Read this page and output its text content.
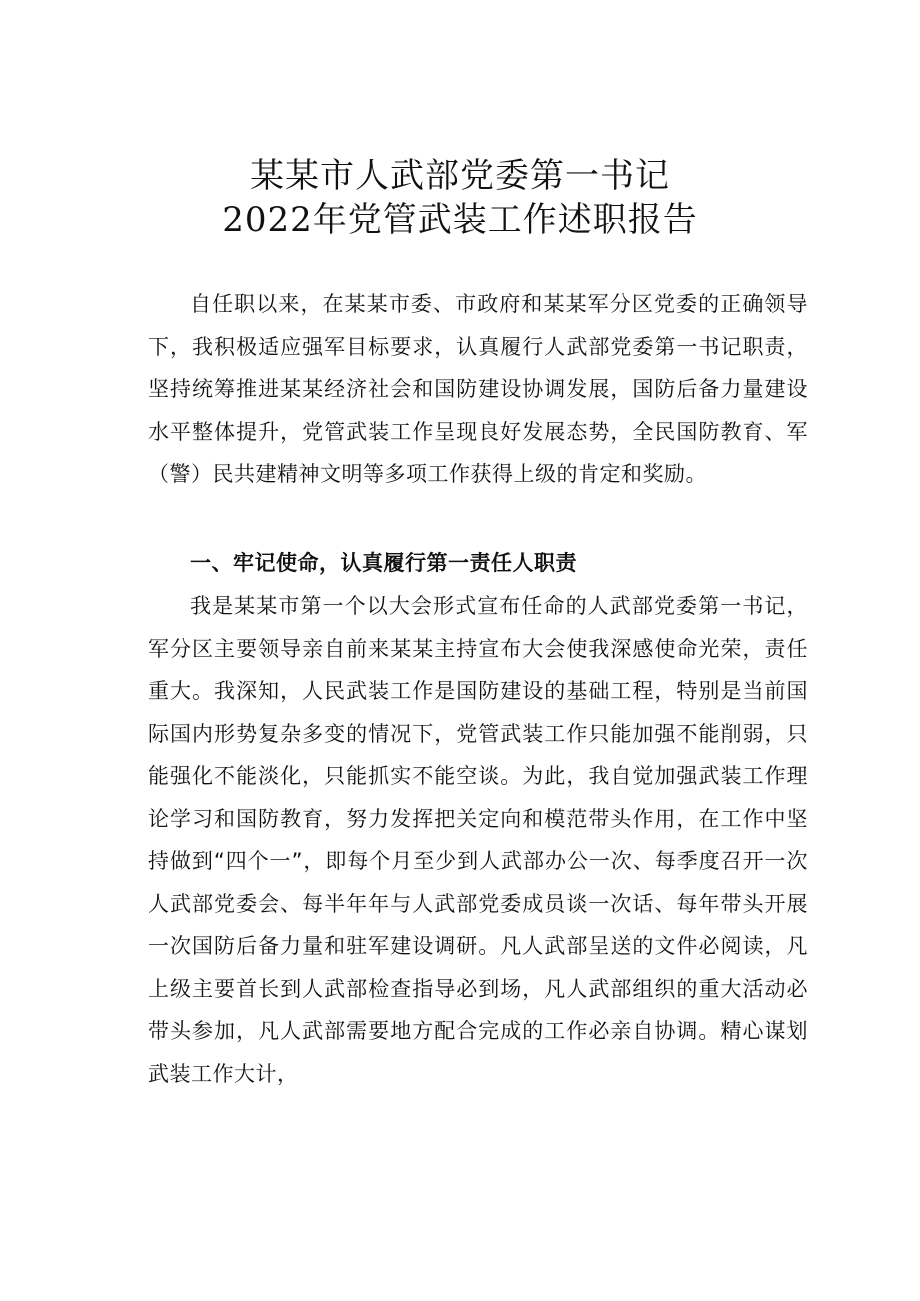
某某市人武部党委第一书记
2022年党管武装工作述职报告

自任职以来，在某某市委、市政府和某某军分区党委的正确领导下，我积极适应强军目标要求，认真履行人武部党委第一书记职责，坚持统筹推进某某经济社会和国防建设协调发展，国防后备力量建设水平整体提升，党管武装工作呈现良好发展态势，全民国防教育、军（警）民共建精神文明等多项工作获得上级的肯定和奖励。

一、牢记使命，认真履行第一责任人职责

我是某某市第一个以大会形式宣布任命的人武部党委第一书记，军分区主要领导亲自前来某某主持宣布大会使我深感使命光荣，责任重大。我深知，人民武装工作是国防建设的基础工程，特别是当前国际国内形势复杂多变的情况下，党管武装工作只能加强不能削弱，只能强化不能淡化，只能抓实不能空谈。为此，我自觉加强武装工作理论学习和国防教育，努力发挥把关定向和模范带头作用，在工作中坚持做到“四个一”，即每个月至少到人武部办公一次、每季度召开一次人武部党委会、每半年年与人武部党委成员谈一次话、每年带头开展一次国防后备力量和驻军建设调研。凡人武部呈送的文件必阅读，凡上级主要首长到人武部检查指导必到场，凡人武部组织的重大活动必带头参加，凡人武部需要地方配合完成的工作必亲自协调。精心谋划武装工作大计，
